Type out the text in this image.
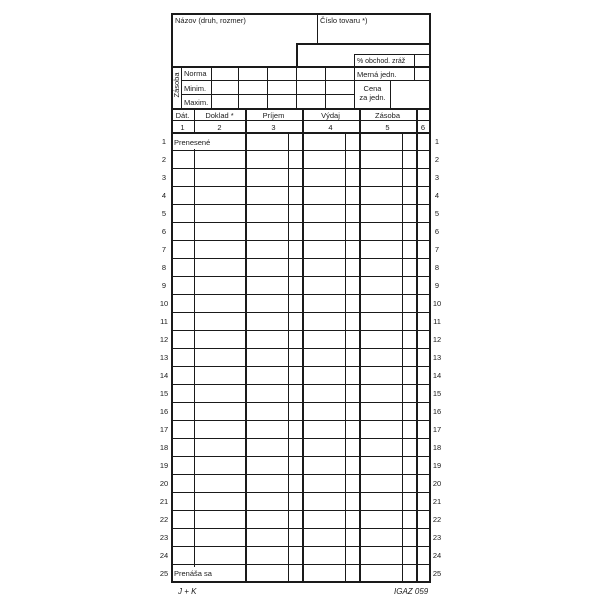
Názov (druh, rozmer)	Číslo tovaru *)
% obchod. zráž
Merná jedn.
Cena
za jedn.
Zásoba Norma
Minim.
Maxim.
Dát.	Doklad *	Príjem	Výdaj	Zásoba
1	2	3	4	5	6
Prenesené
Prenáša sa
1	1
2	2
3	3
4	4
5	5
6	6
7	7
8	8
9	9
10	10
11	11
12	12
13	13
14	14
15	15
16	16
17	17
18	18
19	19
20	20
21	21
22	22
23	23
24	24
25	25
J + K	IGAZ 059
